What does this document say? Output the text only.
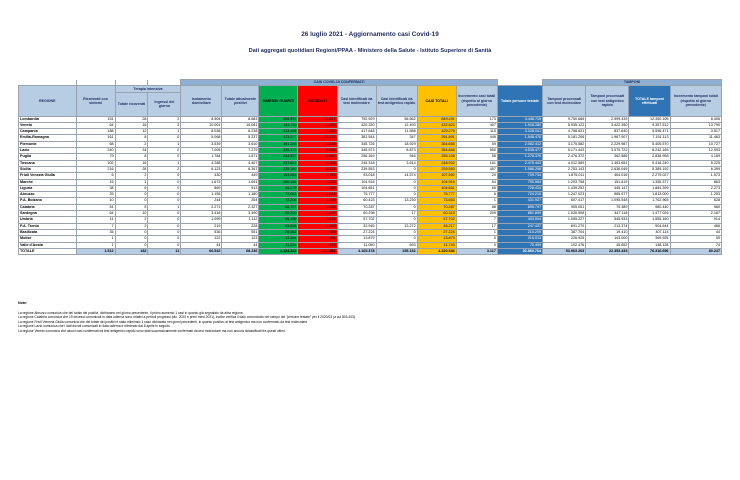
26 luglio 2021 - Aggiornamento casi Covid-19
Dati aggregati quotidiani Regioni/PPAA - Ministero della Salute - Istituto Superiore di Sanità
				CASI COVID-19 CONFERMATI									TAMPONI			
REGIONE	Ricoverati con sintomi	Terapia intensiva		Isolamento domiciliare	Totale attualmente positivi	DIMESSI/ GUARITI	DECEDUTI	Casi identificati da test molecolare	Casi identificati da test antigenico rapido	CASI TOTALI	Incremento casi totali (rispetto al giorno precedente)	Totale persone testate	Tamponi processati con test molecolare	Tamponi processati con test antigenico rapido	TOTALE tamponi effettuati	Incremento tamponi totali (rispetto al giorno precedente)
		Totale ricoverati	Ingressi del giorno													
Lombardia	151	28	2	8.504	8.683	806.991	33.817	792.929	56.562	849.491	173	4.448.715	9.750.666	2.599.439	12.350.105	8.406
Veneto	64	16	3	10.001	10.081	411.110	11.632	420.330	12.493	432.823	407	1.918.280	5.935.122	3.422.390	9.357.512	13.790
Campania	188	12	1	8.038	8.238	413.458	7.580	417.648	11.588	429.276	115	3.328.041	4.758.631	837.840	5.596.471	3.517
Emilia-Romagna	161	8	0	5.068	5.237	373.377	13.277	381.544	347	391.891	449	1.548.476	5.181.206	1.967.907	7.151.113	11.463
Piemonte	68	2	1	3.539	3.610	351.346	11.699	345.726	18.929	364.655	59	2.062.412	3.175.582	2.229.987	5.405.570	10.727
Lazio	240	34	2	7.005	7.279	339.173	8.394	345.973	8.873	354.846	550	4.538.477	5.171.443	3.070.722	8.242.165	12.993
Puglia	79	8	0	1.784	1.871	244.557	6.667	256.169	946	255.105	58	1.278.376	2.476.372	362.586	2.838.958	4.189
Toscana	102	16	1	4.288	4.407	237.621	6.904	245.318	3.614	248.932	161	2.475.443	4.012.589	1.403.651	5.416.240	5.225
Sicilia	216	28	2	6.123	6.367	225.162	6.024	239.553	0	239.553	457	1.966.298	2.753.143	2.636.049	5.389.192	6.399
Friuli Venezia Giulia	6	2	0	430	449	103.263	3.789	93.018	14.574	107.592	20	709.734	1.875.011	404.016	2.279.027	1.573
Marche	15	1	0	1.673	1.691	100.186	3.039	104.916	0	104.916	54	790.964	1.203.758	151.619	1.355.377	863
Liguria	38	6	0	869	913	99.379	4.359	104.651	0	104.651	65	726.434	1.439.252	445.147	1.884.399	2.273
Abruzzo	25	0	0	1.155	1.180	72.083	2.514	75.777	0	75.777	6	724.215	1.247.023	565.977	1.813.000	1.253
P.A. Bolzano	10	0	0	244	254	72.206	1.193	60.423	13.230	73.653	1	431.927	607.417	1.095.548	1.702.965	628
Calabria	51	5	1	2.271	2.327	66.707	1.253	70.287	0	70.287	88	895.797	905.051	75.389	980.440	960
Sardegna	64	10	0	3.416	3.490	55.320	1.497	60.298	17	60.315	209	861.809	1.026.908	447.118	1.477.026	2.187
Umbria	11	2	0	1.099	1.112	55.166	1.424	57.702	0	57.702	7	403.594	1.095.227	545.933	1.555.160	914
P.A. Trento	7	2	0	219	228	44.528	1.363	32.945	13.272	46.217	17	247.437	691.270	213.374	904.644	466
Basilicata	35	0	0	536	551	26.082	593	27.224	0	27.224	1	216.209	387.704	19.410	407.114	44
Molise	1	0	0	122	123	13.264	491	13.879	0	13.879	0	216.013	226.925	143.000	369.925	59
Valle d'Aosta	1	0	0	44	44	11.224	473	11.050	693	11.743	0	70.459	102.476	45.652	148.128	74
TOTALE	1.512	182	11	66.542	68.236	4.124.323	127.884	4.165.378	155.152	4.320.536	3.117	30.860.764	53.963.263	22.353.433	76.316.696	80.247
Note:
La regione Abruzzo comunica che del totale dei positivi, dichiarano nel giorno precedente, il primo aumento 1 casi in quanto già segnalato da altra regione.
La regione Calabria comunica che 19 decessi comunicati in data odierna sono relativi a periodi progressi (dic. 2020 e primi mesi 2021), inoltre verifica il dato comunicato nel campo dei "persone testate" per il 2020/03 (a cui 803.403).
La regione Friuli Venezia Giulia comunica che del totale dei positivi è stato eliminato 1 caso dichiarato nei giorni precedenti, in quanto positivo al test antigenico ma non confermato da test molecolare.
La regione Lazio comunica che i dati dovuti comunicati in data odierna è eliminato dal 8 aprile in seguito.
La regione Veneto comunica che alcuni casi confermati da test antigenico rapido sono stati successivamente confermati da test molecolare ma non ancora riclassificati fra questi ultimi.
